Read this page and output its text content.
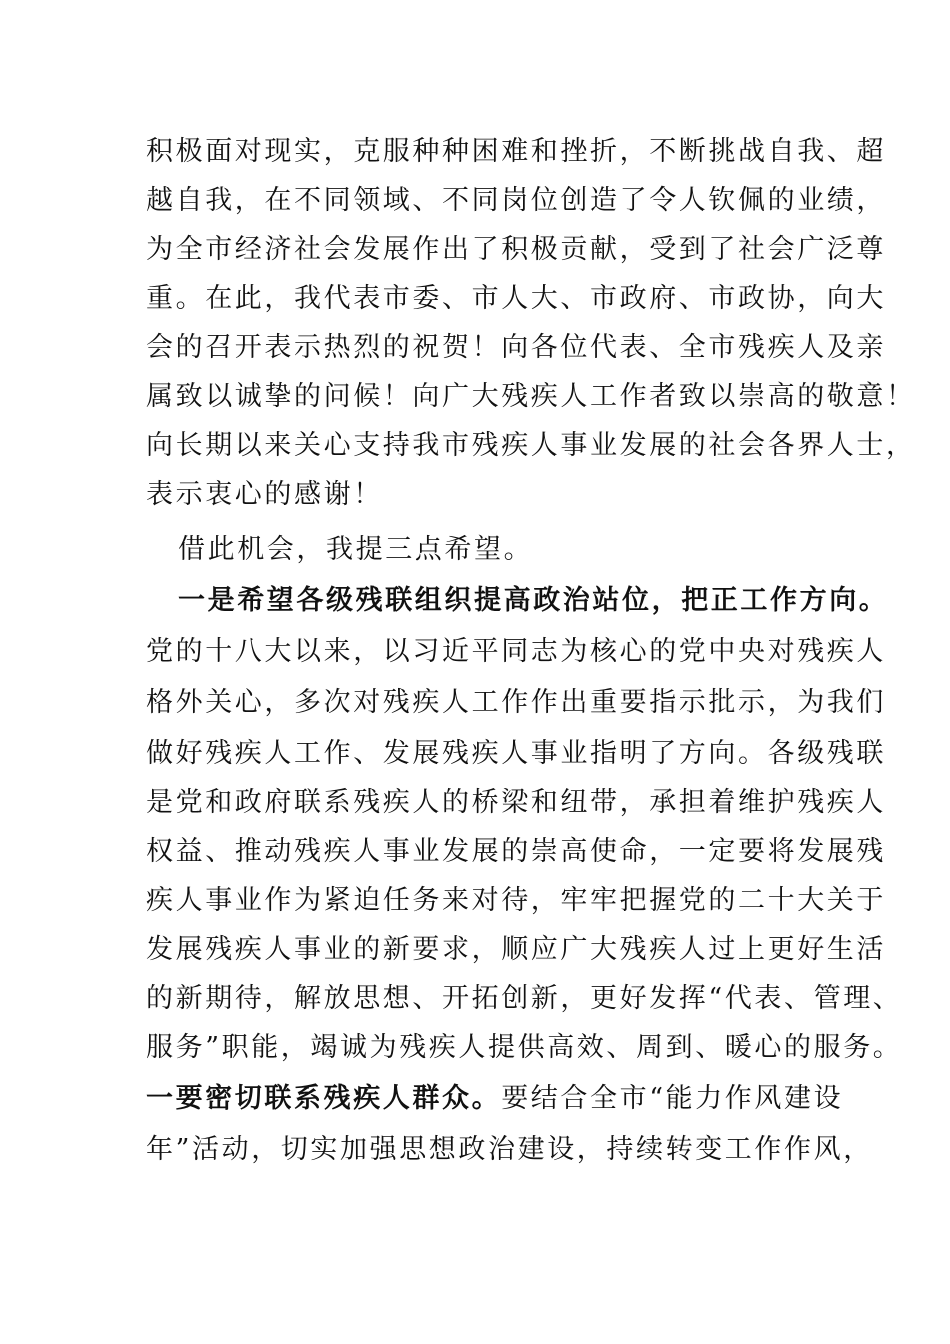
积极面对现实，克服种种困难和挫折，不断挑战自我、超
越自我，在不同领域、不同岗位创造了令人钦佩的业绩，
为全市经济社会发展作出了积极贡献，受到了社会广泛尊
重。在此，我代表市委、市人大、市政府、市政协，向大
会的召开表示热烈的祝贺！向各位代表、全市残疾人及亲
属致以诚挚的问候！向广大残疾人工作者致以崇高的敬意！
向长期以来关心支持我市残疾人事业发展的社会各界人士，
表示衷心的感谢！
借此机会，我提三点希望。
一是希望各级残联组织提高政治站位，把正工作方向。
党的十八大以来，以习近平同志为核心的党中央对残疾人
格外关心，多次对残疾人工作作出重要指示批示，为我们
做好残疾人工作、发展残疾人事业指明了方向。各级残联
是党和政府联系残疾人的桥梁和纽带，承担着维护残疾人
权益、推动残疾人事业发展的崇高使命，一定要将发展残
疾人事业作为紧迫任务来对待，牢牢把握党的二十大关于
发展残疾人事业的新要求，顺应广大残疾人过上更好生活
的新期待，解放思想、开拓创新，更好发挥“代表、管理、
服务”职能，竭诚为残疾人提供高效、周到、暖心的服务。
一要密切联系残疾人群众。要结合全市“能力作风建设
年”活动，切实加强思想政治建设，持续转变工作作风，
